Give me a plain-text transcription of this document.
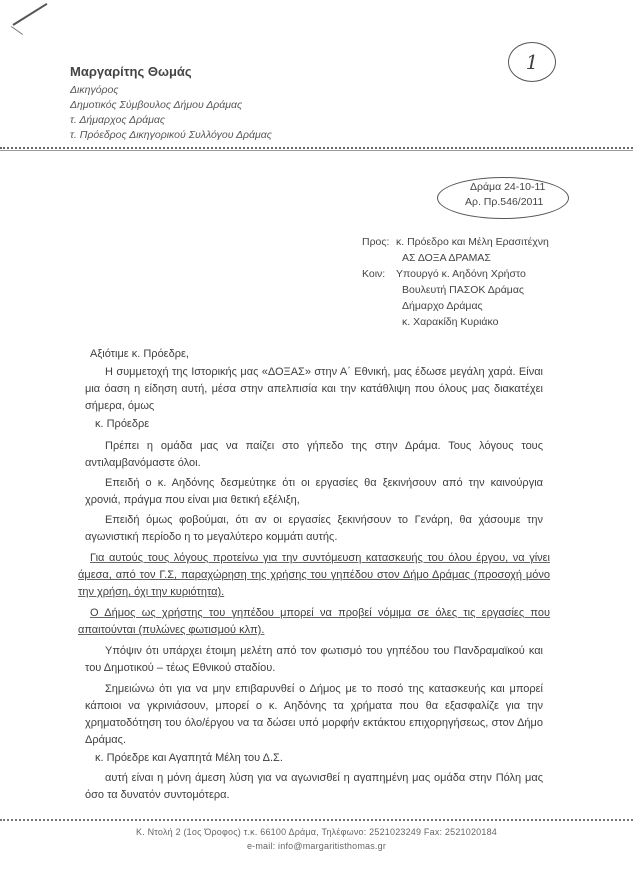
1
Μαργαρίτης Θωμάς
Δικηγόρος
Δημοτικός Σύμβουλος Δήμου Δράμας
τ. Δήμαρχος Δράμας
τ. Πρόεδρος Δικηγορικού Συλλόγου Δράμας
Δράμα 24-10-11
Αρ. Πρ.546/2011
Προς: κ. Πρόεδρο και Μέλη Ερασιτέχνη
ΑΣ ΔΟΞΑ ΔΡΑΜΑΣ
Κοιν: Υπουργό κ. Αηδόνη Χρήστο
Βουλευτή ΠΑΣΟΚ Δράμας
Δήμαρχο Δράμας
κ. Χαρακίδη Κυριάκο

Αξιότιμε κ. Πρόεδρε,

Η συμμετοχή της Ιστορικής μας «ΔΟΞΑΣ» στην Α΄ Εθνική, μας έδωσε μεγάλη χαρά. Είναι μια όαση η είδηση αυτή, μέσα στην απελπισία και την κατάθλιψη που όλους μας διακατέχει σήμερα, όμως

κ. Πρόεδρε

Πρέπει η ομάδα μας να παίζει στο γήπεδο της στην Δράμα. Τους λόγους τους αντιλαμβανόμαστε όλοι.

Επειδή ο κ. Αηδόνης δεσμεύτηκε ότι οι εργασίες θα ξεκινήσουν από την καινούργια χρονιά, πράγμα που είναι μια θετική εξέλιξη,

Επειδή όμως φοβούμαι, ότι αν οι εργασίες ξεκινήσουν το Γενάρη, θα χάσουμε την αγωνιστική περίοδο η το μεγαλύτερο κομμάτι αυτής.

Για αυτούς τους λόγους προτείνω για την συντόμευση κατασκευής του όλου έργου, να γίνει άμεσα, από τον Γ.Σ, παραχώρηση της χρήσης του γηπέδου στον Δήμο Δράμας (προσοχή μόνο την χρήση, όχι την κυριότητα).

Ο Δήμος ως χρήστης του γηπέδου μπορεί να προβεί νόμιμα σε όλες τις εργασίες που απαιτούνται (πυλώνες φωτισμού κλπ).

Υπόψιν ότι υπάρχει έτοιμη μελέτη από τον φωτισμό του γηπέδου του Πανδραμαϊκού και του Δημοτικού – τέως Εθνικού σταδίου.

Σημειώνω ότι για να μην επιβαρυνθεί ο Δήμος με το ποσό της κατασκευής και μπορεί κάποιοι να γκρινιάσουν, μπορεί ο κ. Αηδόνης τα χρήματα που θα εξασφαλίζε για την χρηματοδότηση του όλο/έργου να τα δώσει υπό μορφήν εκτάκτου επιχορηγήσεως, στον Δήμο Δράμας.

κ. Πρόεδρε και Αγαπητά Μέλη του Δ.Σ.

αυτή είναι η μόνη άμεση λύση για να αγωνισθεί η αγαπημένη μας ομάδα στην Πόλη μας όσο τα δυνατόν συντομότερα.

Κ. Ντολή 2 (1ος Όροφος) τ.κ. 66100 Δράμα, Τηλέφωνο: 2521023249 Fax: 2521020184
e-mail: info@margaritisthomas.gr
